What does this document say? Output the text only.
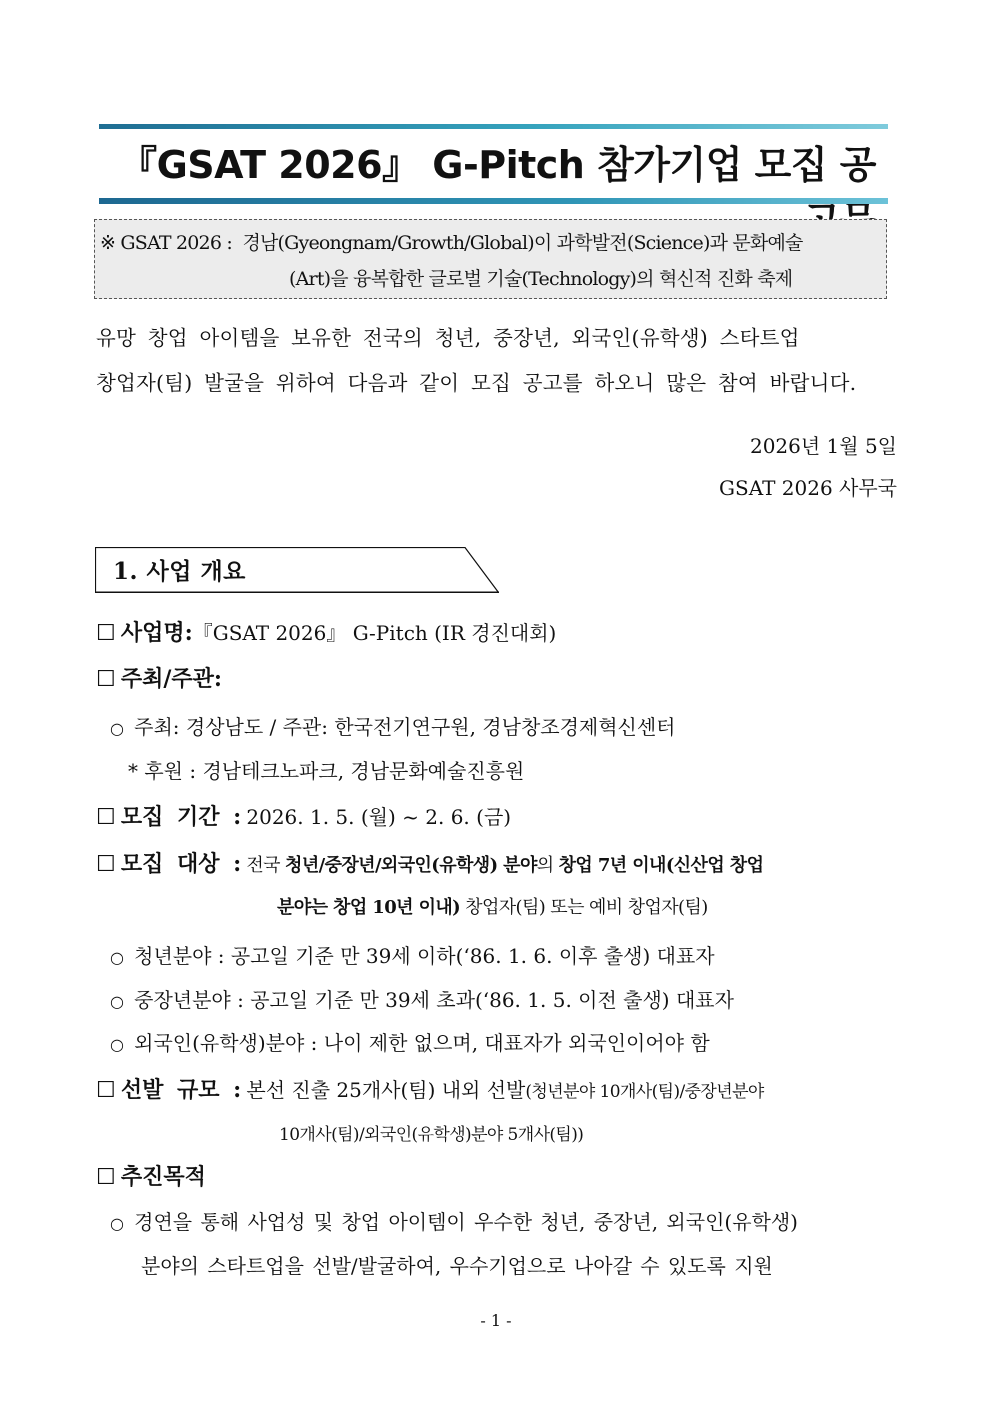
『GSAT 2026』 G-Pitch 참가기업 모집 공
※ GSAT 2026 : 경남(Gyeongnam/Growth/Global)이 과학발전(Science)과 문화예술
(Art)을 융복합한 글로벌 기술(Technology)의 혁신적 진화 축제
유망 창업 아이템을 보유한 전국의 청년, 중장년, 외국인(유학생) 스타트업
창업자(팀) 발굴을 위하여 다음과 같이 모집 공고를 하오니 많은 참여 바랍니다.
2026년 1월 5일
GSAT 2026 사무국
1. 사업 개요
☐ 사업명:『GSAT 2026』 G-Pitch (IR 경진대회)
☐ 주최/주관:
○ 주최: 경상남도 / 주관: 한국전기연구원, 경남창조경제혁신센터
* 후원 : 경남테크노파크, 경남문화예술진흥원
☐ 모집 기간 : 2026. 1. 5. (월) ~ 2. 6. (금)
☐ 모집 대상 : 전국 청년/중장년/외국인(유학생) 분야의 창업 7년 이내(신산업 창업
분야는 창업 10년 이내) 창업자(팀) 또는 예비 창업자(팀)
○ 청년분야 : 공고일 기준 만 39세 이하(‘86. 1. 6. 이후 출생) 대표자
○ 중장년분야 : 공고일 기준 만 39세 초과(‘86. 1. 5. 이전 출생) 대표자
○ 외국인(유학생)분야 : 나이 제한 없으며, 대표자가 외국인이어야 함
☐ 선발 규모 : 본선 진출 25개사(팀) 내외 선발(청년분야 10개사(팀)/중장년분야
10개사(팀)/외국인(유학생)분야 5개사(팀))
☐ 추진목적
○ 경연을 통해 사업성 및 창업 아이템이 우수한 청년, 중장년, 외국인(유학생)
분야의 스타트업을 선발/발굴하여, 우수기업으로 나아갈 수 있도록 지원
- 1 -
